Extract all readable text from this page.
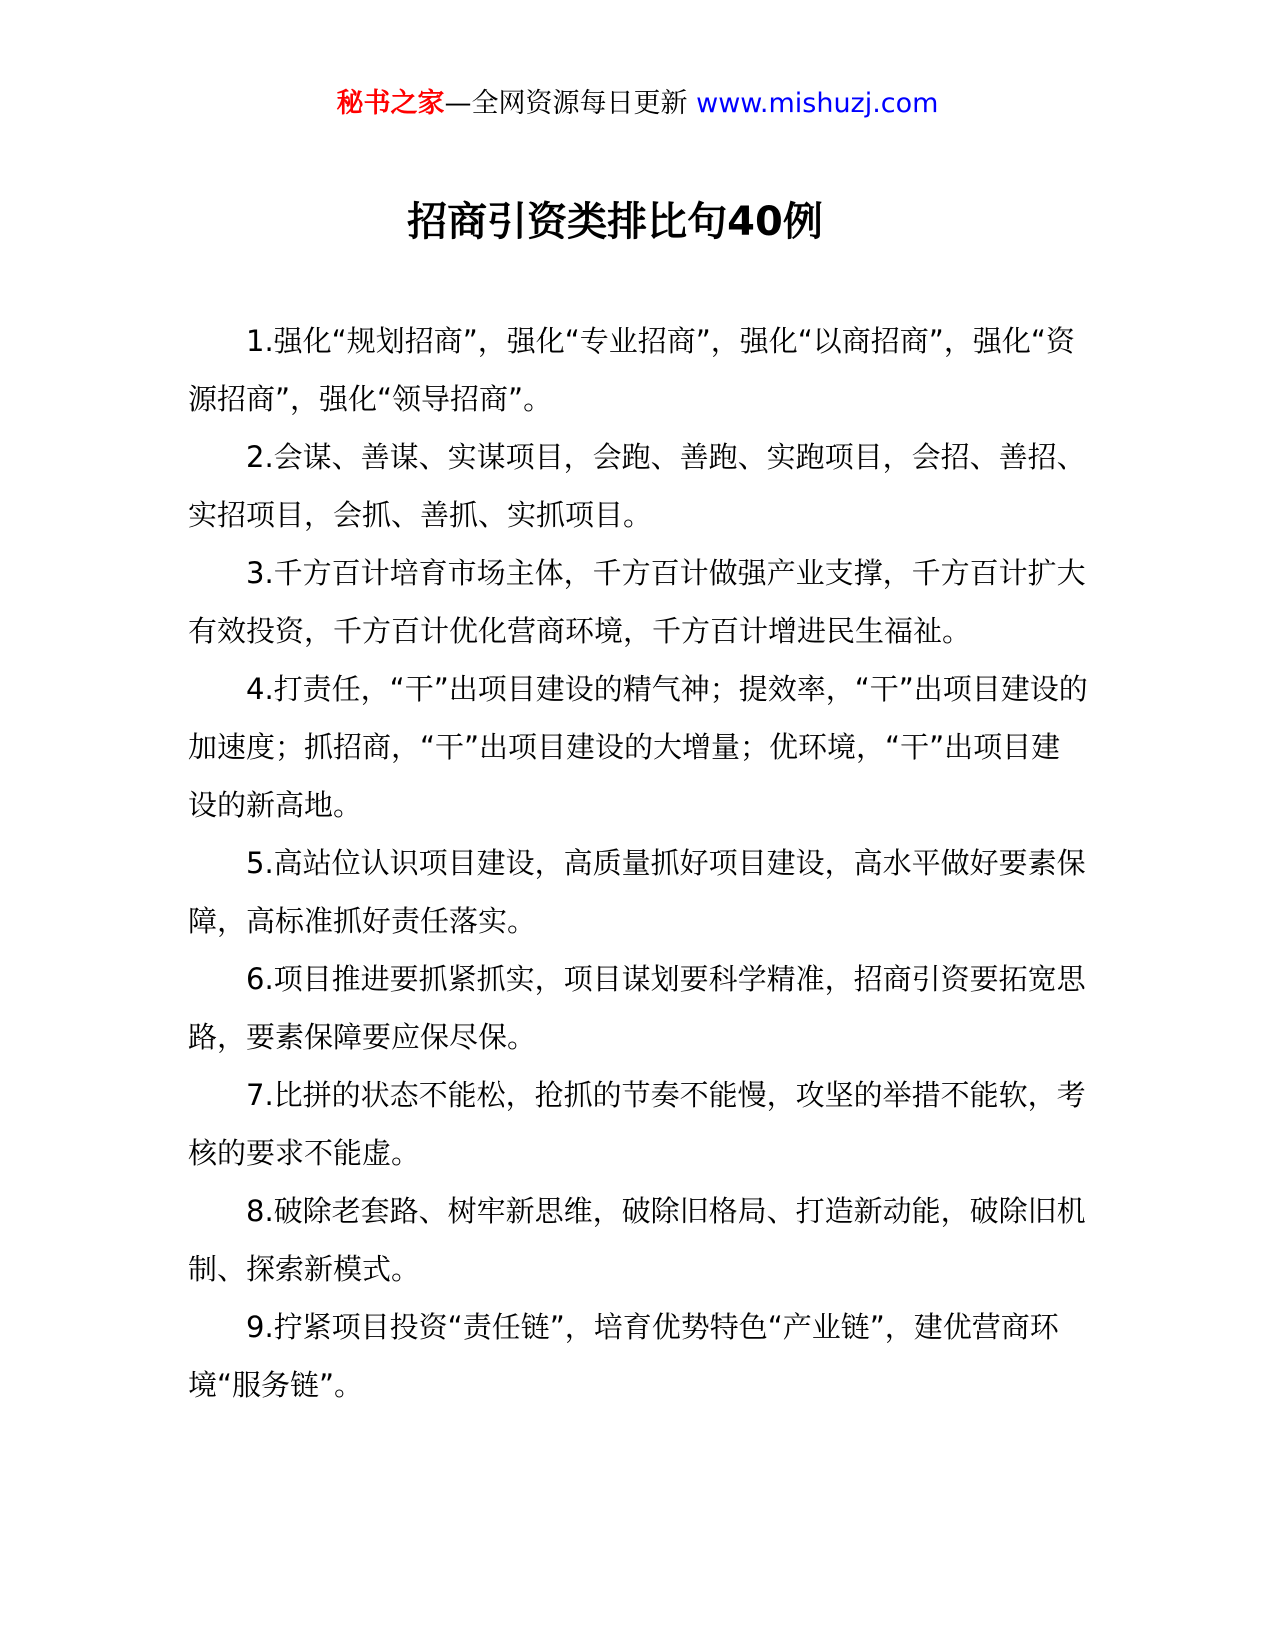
秘书之家—全网资源每日更新 www.mishuzj.com
招商引资类排比句40例

1.强化“规划招商”，强化“专业招商”，强化“以商招商”，强化“资源招商”，强化“领导招商”。

2.会谋、善谋、实谋项目，会跑、善跑、实跑项目，会招、善招、实招项目，会抓、善抓、实抓项目。

3.千方百计培育市场主体，千方百计做强产业支撑，千方百计扩大有效投资，千方百计优化营商环境，千方百计增进民生福祉。

4.打责任，“干”出项目建设的精气神；提效率，“干”出项目建设的加速度；抓招商，“干”出项目建设的大增量；优环境，“干”出项目建设的新高地。

5.高站位认识项目建设，高质量抓好项目建设，高水平做好要素保障，高标准抓好责任落实。

6.项目推进要抓紧抓实，项目谋划要科学精准，招商引资要拓宽思路，要素保障要应保尽保。

7.比拼的状态不能松，抢抓的节奏不能慢，攻坚的举措不能软，考核的要求不能虚。

8.破除老套路、树牢新思维，破除旧格局、打造新动能，破除旧机制、探索新模式。

9.拧紧项目投资“责任链”，培育优势特色“产业链”，建优营商环境“服务链”。
